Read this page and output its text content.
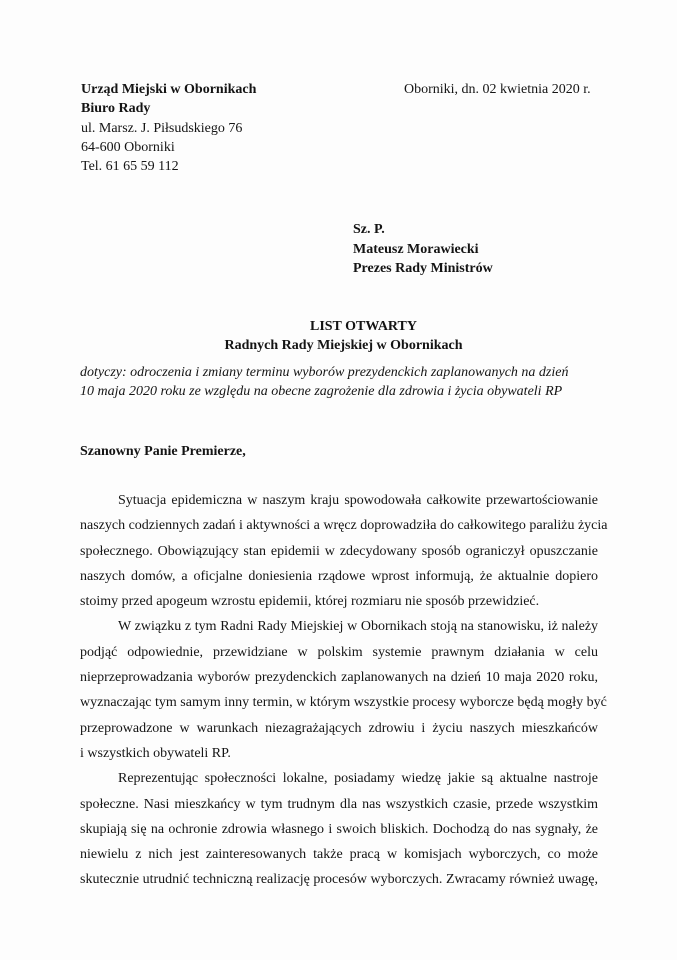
Urząd Miejski w Obornikach
Biuro Rady
ul. Marsz. J. Piłsudskiego 76
64-600 Oborniki
Tel. 61 65 59 112
Oborniki, dn. 02 kwietnia 2020 r.
Sz. P.
Mateusz Morawiecki
Prezes Rady Ministrów
LIST OTWARTY
Radnych Rady Miejskiej w Obornikach
dotyczy: odroczenia i zmiany terminu wyborów prezydenckich zaplanowanych na dzień
10 maja 2020 roku ze względu na obecne zagrożenie dla zdrowia i życia obywateli RP
Szanowny Panie Premierze,
Sytuacja epidemiczna w naszym kraju spowodowała całkowite przewartościowanie
naszych codziennych zadań i aktywności a wręcz doprowadziła do całkowitego paraliżu życia
społecznego. Obowiązujący stan epidemii w zdecydowany sposób ograniczył opuszczanie
naszych domów, a oficjalne doniesienia rządowe wprost informują, że aktualnie dopiero
stoimy przed apogeum wzrostu epidemii, której rozmiaru nie sposób przewidzieć.
W związku z tym Radni Rady Miejskiej w Obornikach stoją na stanowisku, iż należy
podjąć odpowiednie, przewidziane w polskim systemie prawnym działania w celu
nieprzeprowadzania wyborów prezydenckich zaplanowanych na dzień 10 maja 2020 roku,
wyznaczając tym samym inny termin, w którym wszystkie procesy wyborcze będą mogły być
przeprowadzone w warunkach niezagrażających zdrowiu i życiu naszych mieszkańców
i wszystkich obywateli RP.
Reprezentując społeczności lokalne, posiadamy wiedzę jakie są aktualne nastroje
społeczne. Nasi mieszkańcy w tym trudnym dla nas wszystkich czasie, przede wszystkim
skupiają się na ochronie zdrowia własnego i swoich bliskich. Dochodzą do nas sygnały, że
niewielu z nich jest zainteresowanych także pracą w komisjach wyborczych, co może
skutecznie utrudnić techniczną realizację procesów wyborczych. Zwracamy również uwagę,
